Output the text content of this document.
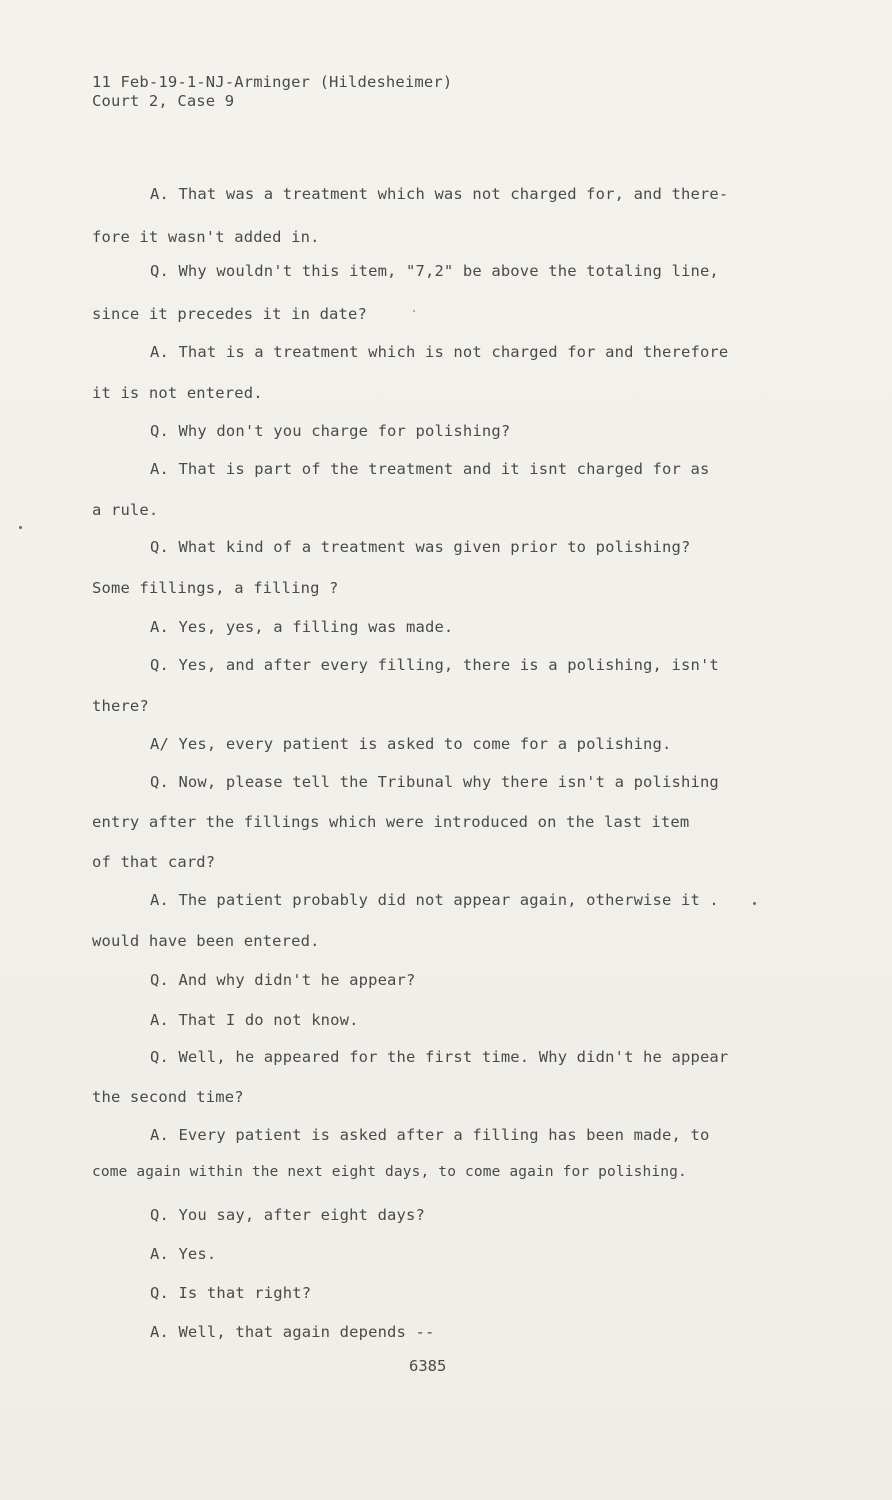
11 Feb-19-1-NJ-Arminger (Hildesheimer)
Court 2, Case 9
A. That was a treatment which was not charged for, and there-
fore it wasn't added in.
Q. Why wouldn't this item, "7,2" be above the totaling line,
since it precedes it in date?
A. That is a treatment which is not charged for and therefore
it is not entered.
Q. Why don't you charge for polishing?
A. That is part of the treatment and it isnt charged for as
a rule.
Q. What kind of a treatment was given prior to polishing?
Some fillings, a filling ?
A. Yes, yes, a filling was made.
Q. Yes, and after every filling, there is a polishing, isn't
there?
A/ Yes, every patient is asked to come for a polishing.
Q. Now, please tell the Tribunal why there isn't a polishing
entry after the fillings which were introduced on the last item
of that card?
A. The patient probably did not appear again, otherwise it .
would have been entered.
Q. And why didn't he appear?
A. That I do not know.
Q. Well, he appeared for the first time. Why didn't he appear
the second time?
A. Every patient is asked after a filling has been made, to
come again within the next eight days, to come again for polishing.
Q. You say, after eight days?
A. Yes.
Q. Is that right?
A. Well, that again depends --
6385
